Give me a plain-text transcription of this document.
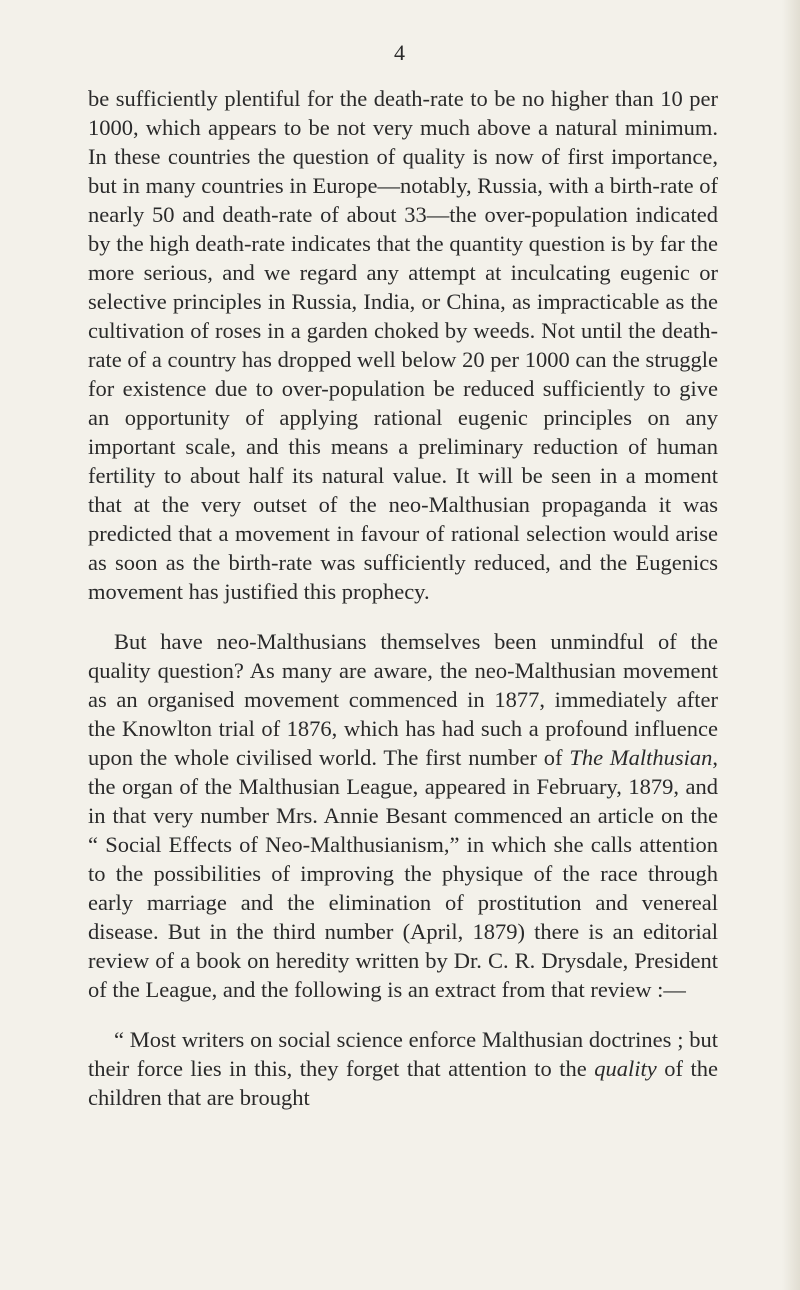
4

be sufficiently plentiful for the death-rate to be no higher than 10 per 1000, which appears to be not very much above a natural minimum. In these countries the question of quality is now of first importance, but in many countries in Europe—notably, Russia, with a birth-rate of nearly 50 and death-rate of about 33—the over-population indicated by the high death-rate indicates that the quantity question is by far the more serious, and we regard any attempt at inculcating eugenic or selective principles in Russia, India, or China, as impracticable as the cultivation of roses in a garden choked by weeds. Not until the death-rate of a country has dropped well below 20 per 1000 can the struggle for existence due to over-population be reduced sufficiently to give an opportunity of applying rational eugenic principles on any important scale, and this means a preliminary reduction of human fertility to about half its natural value. It will be seen in a moment that at the very outset of the neo-Malthusian propaganda it was predicted that a movement in favour of rational selection would arise as soon as the birth-rate was sufficiently reduced, and the Eugenics movement has justified this prophecy.

But have neo-Malthusians themselves been unmindful of the quality question? As many are aware, the neo-Malthusian movement as an organised movement commenced in 1877, immediately after the Knowlton trial of 1876, which has had such a profound influence upon the whole civilised world. The first number of The Malthusian, the organ of the Malthusian League, appeared in February, 1879, and in that very number Mrs. Annie Besant commenced an article on the “ Social Effects of Neo-Malthusianism,” in which she calls attention to the possibilities of improving the physique of the race through early marriage and the elimination of prostitution and venereal disease. But in the third number (April, 1879) there is an editorial review of a book on heredity written by Dr. C. R. Drysdale, President of the League, and the following is an extract from that review :—

“ Most writers on social science enforce Malthusian doctrines ; but their force lies in this, they forget that attention to the quality of the children that are brought
